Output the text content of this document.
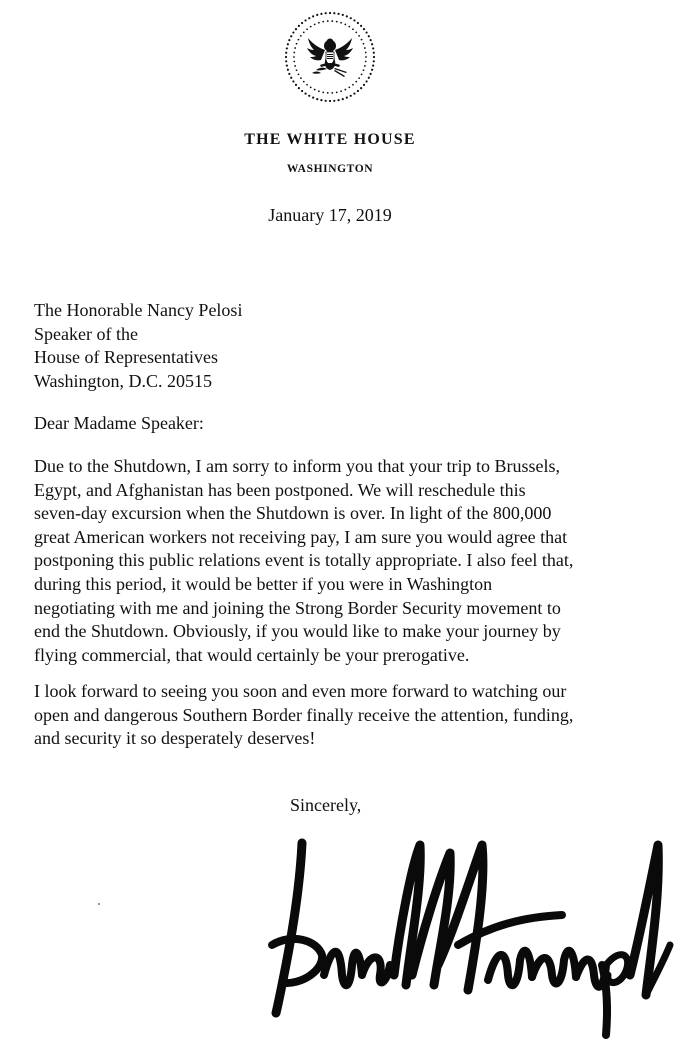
THE WHITE HOUSE
WASHINGTON
January 17, 2019
The Honorable Nancy Pelosi
Speaker of the
House of Representatives
Washington, D.C. 20515
Dear Madame Speaker:
Due to the Shutdown, I am sorry to inform you that your trip to Brussels,
Egypt, and Afghanistan has been postponed. We will reschedule this
seven-day excursion when the Shutdown is over. In light of the 800,000
great American workers not receiving pay, I am sure you would agree that
postponing this public relations event is totally appropriate. I also feel that,
during this period, it would be better if you were in Washington
negotiating with me and joining the Strong Border Security movement to
end the Shutdown. Obviously, if you would like to make your journey by
flying commercial, that would certainly be your prerogative.
I look forward to seeing you soon and even more forward to watching our
open and dangerous Southern Border finally receive the attention, funding,
and security it so desperately deserves!
Sincerely,
